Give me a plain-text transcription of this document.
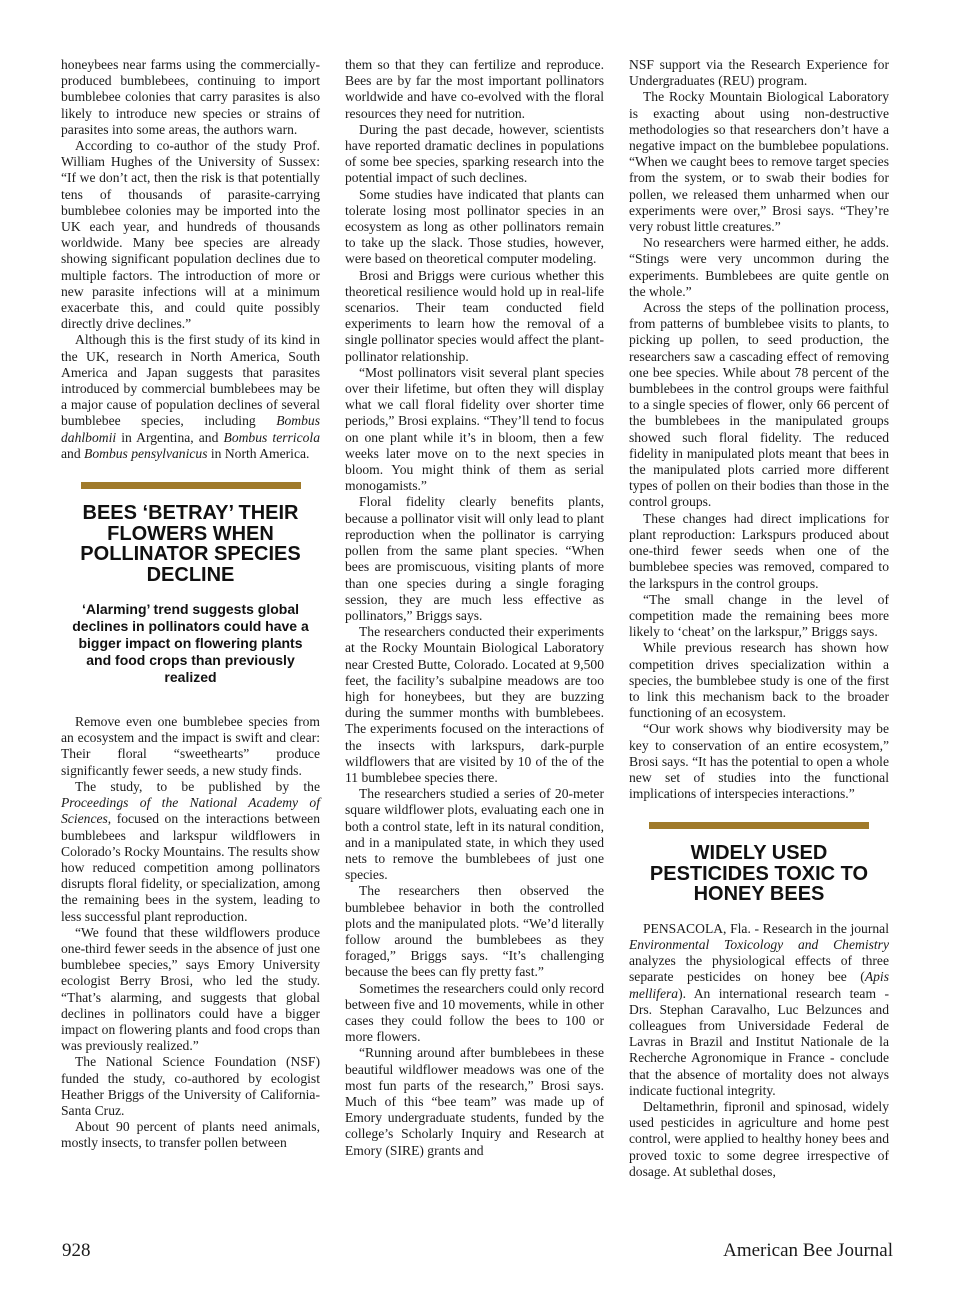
honeybees near farms using the commercially-produced bumblebees, continuing to import bumblebee colonies that carry parasites is also likely to introduce new species or strains of parasites into some areas, the authors warn.

According to co-author of the study Prof. William Hughes of the University of Sussex: “If we don’t act, then the risk is that potentially tens of thousands of parasite-carrying bumblebee colonies may be imported into the UK each year, and hundreds of thousands worldwide. Many bee species are already showing significant population declines due to multiple factors. The introduction of more or new parasite infections will at a minimum exacerbate this, and could quite possibly directly drive declines.”

Although this is the first study of its kind in the UK, research in North America, South America and Japan suggests that parasites introduced by commercial bumblebees may be a major cause of population declines of several bumblebee species, including Bombus dahlbomii in Argentina, and Bombus terricola and Bombus pensylvanicus in North America.

BEES ‘BETRAY’ THEIR FLOWERS WHEN POLLINATOR SPECIES DECLINE
‘Alarming’ trend suggests global declines in pollinators could have a bigger impact on flowering plants and food crops than previously realized

Remove even one bumblebee species from an ecosystem and the impact is swift and clear: Their floral “sweethearts” produce significantly fewer seeds, a new study finds.

The study, to be published by the Proceedings of the National Academy of Sciences, focused on the interactions between bumblebees and larkspur wildflowers in Colorado’s Rocky Mountains. The results show how reduced competition among pollinators disrupts floral fidelity, or specialization, among the remaining bees in the system, leading to less successful plant reproduction.

“We found that these wildflowers produce one-third fewer seeds in the absence of just one bumblebee species,” says Emory University ecologist Berry Brosi, who led the study. “That’s alarming, and suggests that global declines in pollinators could have a bigger impact on flowering plants and food crops than was previously realized.”

The National Science Foundation (NSF) funded the study, co-authored by ecologist Heather Briggs of the University of California-Santa Cruz.

About 90 percent of plants need animals, mostly insects, to transfer pollen between

them so that they can fertilize and reproduce. Bees are by far the most important pollinators worldwide and have co-evolved with the floral resources they need for nutrition.

During the past decade, however, scientists have reported dramatic declines in populations of some bee species, sparking research into the potential impact of such declines.

Some studies have indicated that plants can tolerate losing most pollinator species in an ecosystem as long as other pollinators remain to take up the slack. Those studies, however, were based on theoretical computer modeling.

Brosi and Briggs were curious whether this theoretical resilience would hold up in real-life scenarios. Their team conducted field experiments to learn how the removal of a single pollinator species would affect the plant-pollinator relationship.

“Most pollinators visit several plant species over their lifetime, but often they will display what we call floral fidelity over shorter time periods,” Brosi explains. “They’ll tend to focus on one plant while it’s in bloom, then a few weeks later move on to the next species in bloom. You might think of them as serial monogamists.”

Floral fidelity clearly benefits plants, because a pollinator visit will only lead to plant reproduction when the pollinator is carrying pollen from the same plant species. “When bees are promiscuous, visiting plants of more than one species during a single foraging session, they are much less effective as pollinators,” Briggs says.

The researchers conducted their experiments at the Rocky Mountain Biological Laboratory near Crested Butte, Colorado. Located at 9,500 feet, the facility’s subalpine meadows are too high for honeybees, but they are buzzing during the summer months with bumblebees. The experiments focused on the interactions of the insects with larkspurs, dark-purple wildflowers that are visited by 10 of the of the 11 bumblebee species there.

The researchers studied a series of 20-meter square wildflower plots, evaluating each one in both a control state, left in its natural condition, and in a manipulated state, in which they used nets to remove the bumblebees of just one species.

The researchers then observed the bumblebee behavior in both the controlled plots and the manipulated plots. “We’d literally follow around the bumblebees as they foraged,” Briggs says. “It’s challenging because the bees can fly pretty fast.”

Sometimes the researchers could only record between five and 10 movements, while in other cases they could follow the bees to 100 or more flowers.

“Running around after bumblebees in these beautiful wildflower meadows was one of the most fun parts of the research,” Brosi says. Much of this “bee team” was made up of Emory undergraduate students, funded by the college’s Scholarly Inquiry and Research at Emory (SIRE) grants and

NSF support via the Research Experience for Undergraduates (REU) program.

The Rocky Mountain Biological Laboratory is exacting about using non-destructive methodologies so that researchers don’t have a negative impact on the bumblebee populations. “When we caught bees to remove target species from the system, or to swab their bodies for pollen, we released them unharmed when our experiments were over,” Brosi says. “They’re very robust little creatures.”

No researchers were harmed either, he adds. “Stings were very uncommon during the experiments. Bumblebees are quite gentle on the whole.”

Across the steps of the pollination process, from patterns of bumblebee visits to plants, to picking up pollen, to seed production, the researchers saw a cascading effect of removing one bee species. While about 78 percent of the bumblebees in the control groups were faithful to a single species of flower, only 66 percent of the bumblebees in the manipulated groups showed such floral fidelity. The reduced fidelity in manipulated plots meant that bees in the manipulated plots carried more different types of pollen on their bodies than those in the control groups.

These changes had direct implications for plant reproduction: Larkspurs produced about one-third fewer seeds when one of the bumblebee species was removed, compared to the larkspurs in the control groups.

“The small change in the level of competition made the remaining bees more likely to ‘cheat’ on the larkspur,” Briggs says.

While previous research has shown how competition drives specialization within a species, the bumblebee study is one of the first to link this mechanism back to the broader functioning of an ecosystem.

“Our work shows why biodiversity may be key to conservation of an entire ecosystem,” Brosi says. “It has the potential to open a whole new set of studies into the functional implications of interspecies interactions.”

WIDELY USED PESTICIDES TOXIC TO HONEY BEES

PENSACOLA, Fla. - Research in the journal Environmental Toxicology and Chemistry analyzes the physiological effects of three separate pesticides on honey bee (Apis mellifera). An international research team - Drs. Stephan Caravalho, Luc Belzunces and colleagues from Universidade Federal de Lavras in Brazil and Institut Nationale de la Recherche Agronomique in France - conclude that the absence of mortality does not always indicate fuctional integrity.

Deltamethrin, fipronil and spinosad, widely used pesticides in agriculture and home pest control, were applied to healthy honey bees and proved toxic to some degree irrespective of dosage. At sublethal doses,

928	American Bee Journal
